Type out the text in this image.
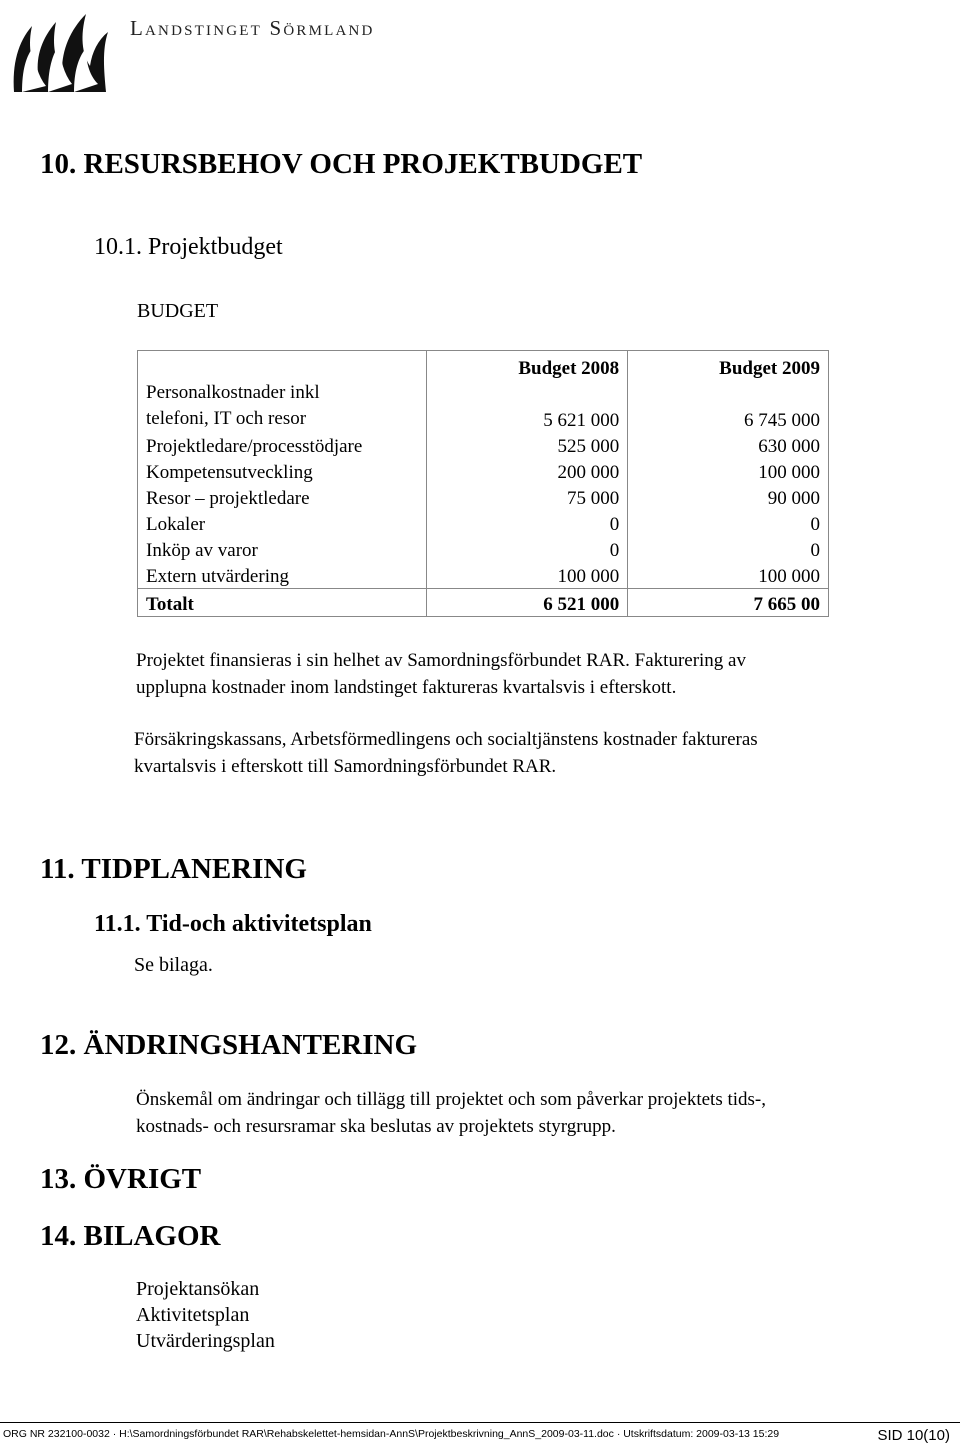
Landstinget Sörmland
10. RESURSBEHOV OCH PROJEKTBUDGET
10.1. Projektbudget
BUDGET
	Budget 2008	Budget 2009

Personalkostnader inkl
telefoni, IT och resor	5 621 000	6 745 000
Projektledare/processtödjare	525 000	630 000
Kompetensutveckling	200 000	100 000
Resor – projektledare	75 000	90 000
Lokaler	0	0
Inköp av varor	0	0
Extern utvärdering	100 000	100 000
Totalt	6 521 000	7 665 00
Projektet finansieras i sin helhet av Samordningsförbundet RAR. Fakturering av
upplupna kostnader inom landstinget faktureras kvartalsvis i efterskott.
Försäkringskassans, Arbetsförmedlingens och socialtjänstens kostnader faktureras
kvartalsvis i efterskott till Samordningsförbundet RAR.
11. TIDPLANERING
11.1. Tid-och aktivitetsplan
Se bilaga.
12. ÄNDRINGSHANTERING
Önskemål om ändringar och tillägg till projektet och som påverkar projektets tids-,
kostnads- och resursramar ska beslutas av projektets styrgrupp.
13. ÖVRIGT
14. BILAGOR
Projektansökan
Aktivitetsplan
Utvärderingsplan
ORG NR 232100-0032 · H:\Samordningsförbundet RAR\Rehabskelettet-hemsidan-AnnS\Projektbeskrivning_AnnS_2009-03-11.doc · Utskriftsdatum: 2009-03-13 15:29	SID 10(10)
